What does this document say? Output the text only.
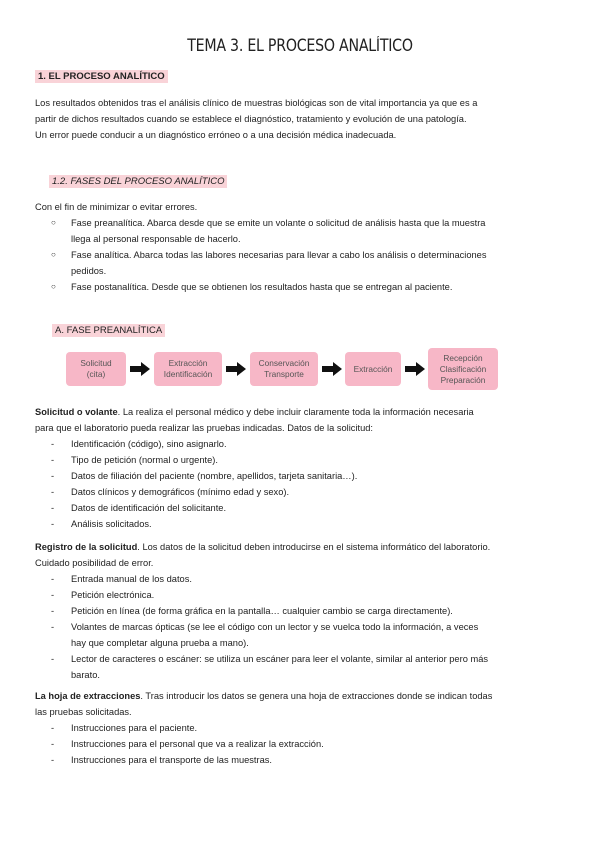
TEMA 3. EL PROCESO ANALÍTICO
1. EL PROCESO ANALÍTICO
Los resultados obtenidos tras el análisis clínico de muestras biológicas son de vital importancia ya que es a
partir de dichos resultados cuando se establece el diagnóstico, tratamiento y evolución de una patología.
Un error puede conducir a un diagnóstico erróneo o a una decisión médica inadecuada.
1.2. FASES DEL PROCESO ANALÍTICO
Con el fin de minimizar o evitar errores.
○ Fase preanalítica. Abarca desde que se emite un volante o solicitud de análisis hasta que la muestra
llega al personal responsable de hacerlo.
○ Fase analítica. Abarca todas las labores necesarias para llevar a cabo los análisis o determinaciones
pedidos.
○ Fase postanalítica. Desde que se obtienen los resultados hasta que se entregan al paciente.
A. FASE PREANALÍTICA
Solicitud
(cita)
Extracción
Identificación
Conservación
Transporte
Extracción
Recepción
Clasificación
Preparación
Solicitud o volante. La realiza el personal médico y debe incluir claramente toda la información necesaria
para que el laboratorio pueda realizar las pruebas indicadas. Datos de la solicitud:
- Identificación (código), sino asignarlo.
- Tipo de petición (normal o urgente).
- Datos de filiación del paciente (nombre, apellidos, tarjeta sanitaria…).
- Datos clínicos y demográficos (mínimo edad y sexo).
- Datos de identificación del solicitante.
- Análisis solicitados.
Registro de la solicitud. Los datos de la solicitud deben introducirse en el sistema informático del laboratorio.
Cuidado posibilidad de error.
- Entrada manual de los datos.
- Petición electrónica.
- Petición en línea (de forma gráfica en la pantalla… cualquier cambio se carga directamente).
- Volantes de marcas ópticas (se lee el código con un lector y se vuelca todo la información, a veces
hay que completar alguna prueba a mano).
- Lector de caracteres o escáner: se utiliza un escáner para leer el volante, similar al anterior pero más
barato.
La hoja de extracciones. Tras introducir los datos se genera una hoja de extracciones donde se indican todas
las pruebas solicitadas.
- Instrucciones para el paciente.
- Instrucciones para el personal que va a realizar la extracción.
- Instrucciones para el transporte de las muestras.
